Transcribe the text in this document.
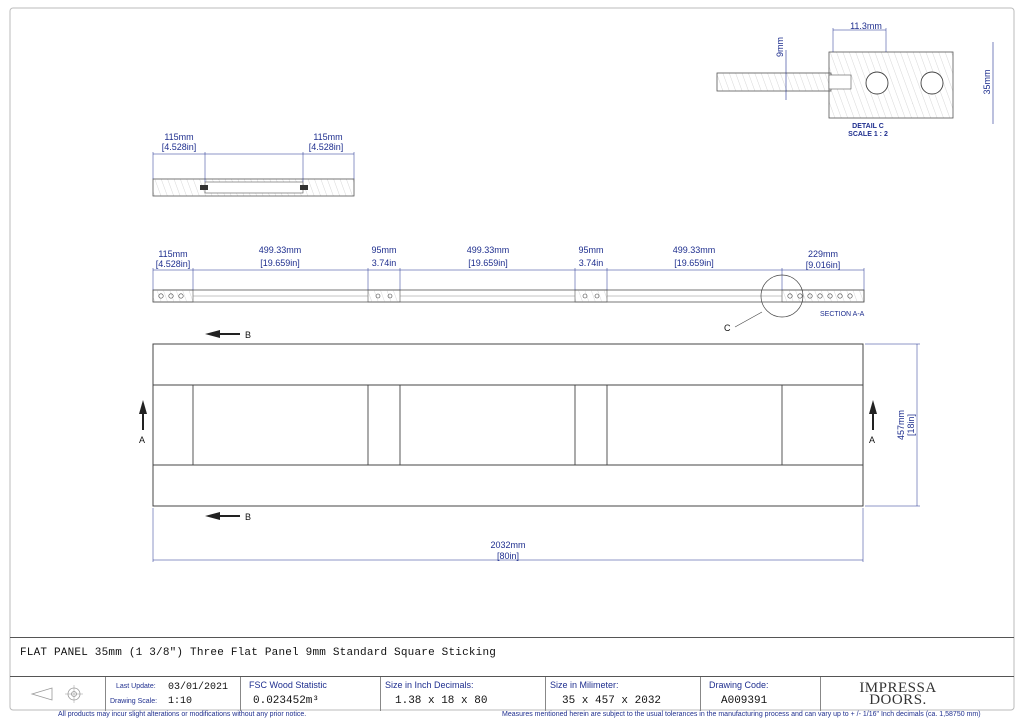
115mm
[4.528in]
115mm
[4.528in]
11.3mm
9mm
35mm
DETAIL C
SCALE 1 : 2
C
SECTION A-A
115mm
[4.528in]
499.33mm
[19.659in]
95mm
3.74in
499.33mm
[19.659in]
95mm
3.74in
499.33mm
[19.659in]
229mm
[9.016in]
B
B
A	A 457mm [18in]
2032mm
[80in]
FLAT PANEL 35mm (1 3/8") Three Flat Panel 9mm Standard Square Sticking
Last Update: 03/01/2021
Drawing Scale: 1:10
FSC Wood Statistic
0.023452m³
Size in Inch Decimals:
1.38 x 18 x 80
Size in Milimeter:
35 x 457 x 2032
Drawing Code:
A009391
IMPRESSA
DOORS.
All products may incur slight alterations or modifications without any prior notice.	Measures mentioned herein are subject to the usual tolerances in the manufacturing process and can vary up to + /- 1/16" Inch decimals (ca. 1,58750 mm)
